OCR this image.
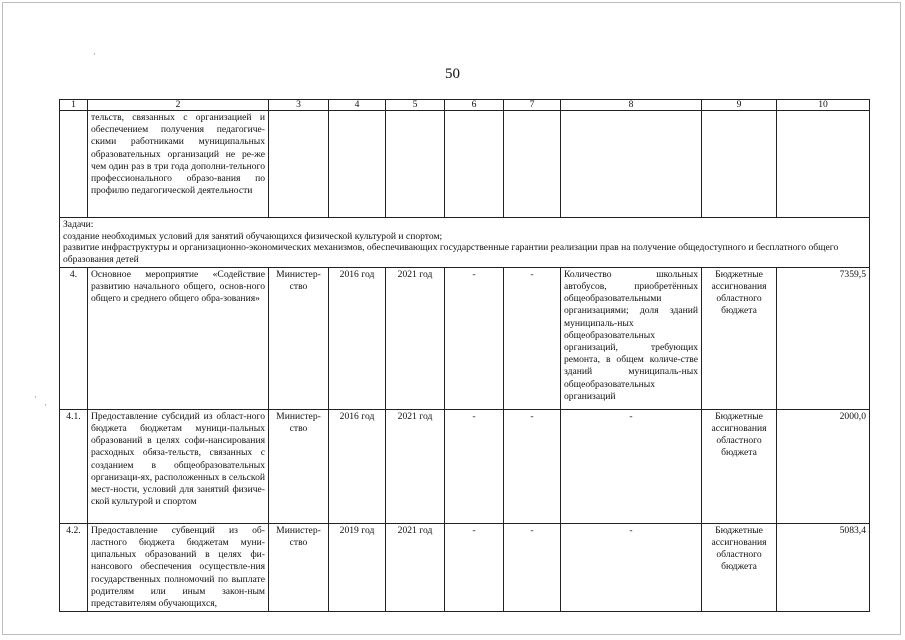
50
·
·
·
1	2	3	4	5	6	7	8	9	10
	тельств, связанных с организацией и обеспечением получения педагогиче-скими работниками муниципальных образовательных организаций не ре-же чем один раз в три года дополни-тельного профессионального образо-вания по профилю педагогической деятельности								

Задачи:
создание необходимых условий для занятий обучающихся физической культурой и спортом;
развитие инфраструктуры и организационно-экономических механизмов, обеспечивающих государственные гарантии реализации прав на получение общедоступного и бесплатного общего образования детей									

4.	Основное мероприятие «Содействие развитию начального общего, основ-ного общего и среднего общего обра-зования»	Министер-ство	2016 год	2021 год	-	-	Количество школьных автобусов, приобретённых общеобразовательными организациями; доля зданий муниципаль-ных общеобразовательных организаций, требующих ремонта, в общем количе-стве зданий муниципаль-ных общеобразовательных организаций	Бюджетные ассигнования областного бюджета	7359,5
4.1.	Предоставление субсидий из област-ного бюджета бюджетам муници-пальных образований в целях софи-нансирования расходных обяза-тельств, связанных с созданием в общеобразовательных организаци-ях, расположенных в сельской мест-ности, условий для занятий физиче-ской культурой и спортом	Министер-ство	2016 год	2021 год	-	-	-	Бюджетные ассигнования областного бюджета	2000,0
4.2.	Предоставление субвенций из об-ластного бюджета бюджетам муни-ципальных образований в целях фи-нансового обеспечения осуществле-ния государственных полномочий по выплате родителям или иным закон-ным представителям обучающихся,	Министер-ство	2019 год	2021 год	-	-	-	Бюджетные ассигнования областного бюджета	5083,4
